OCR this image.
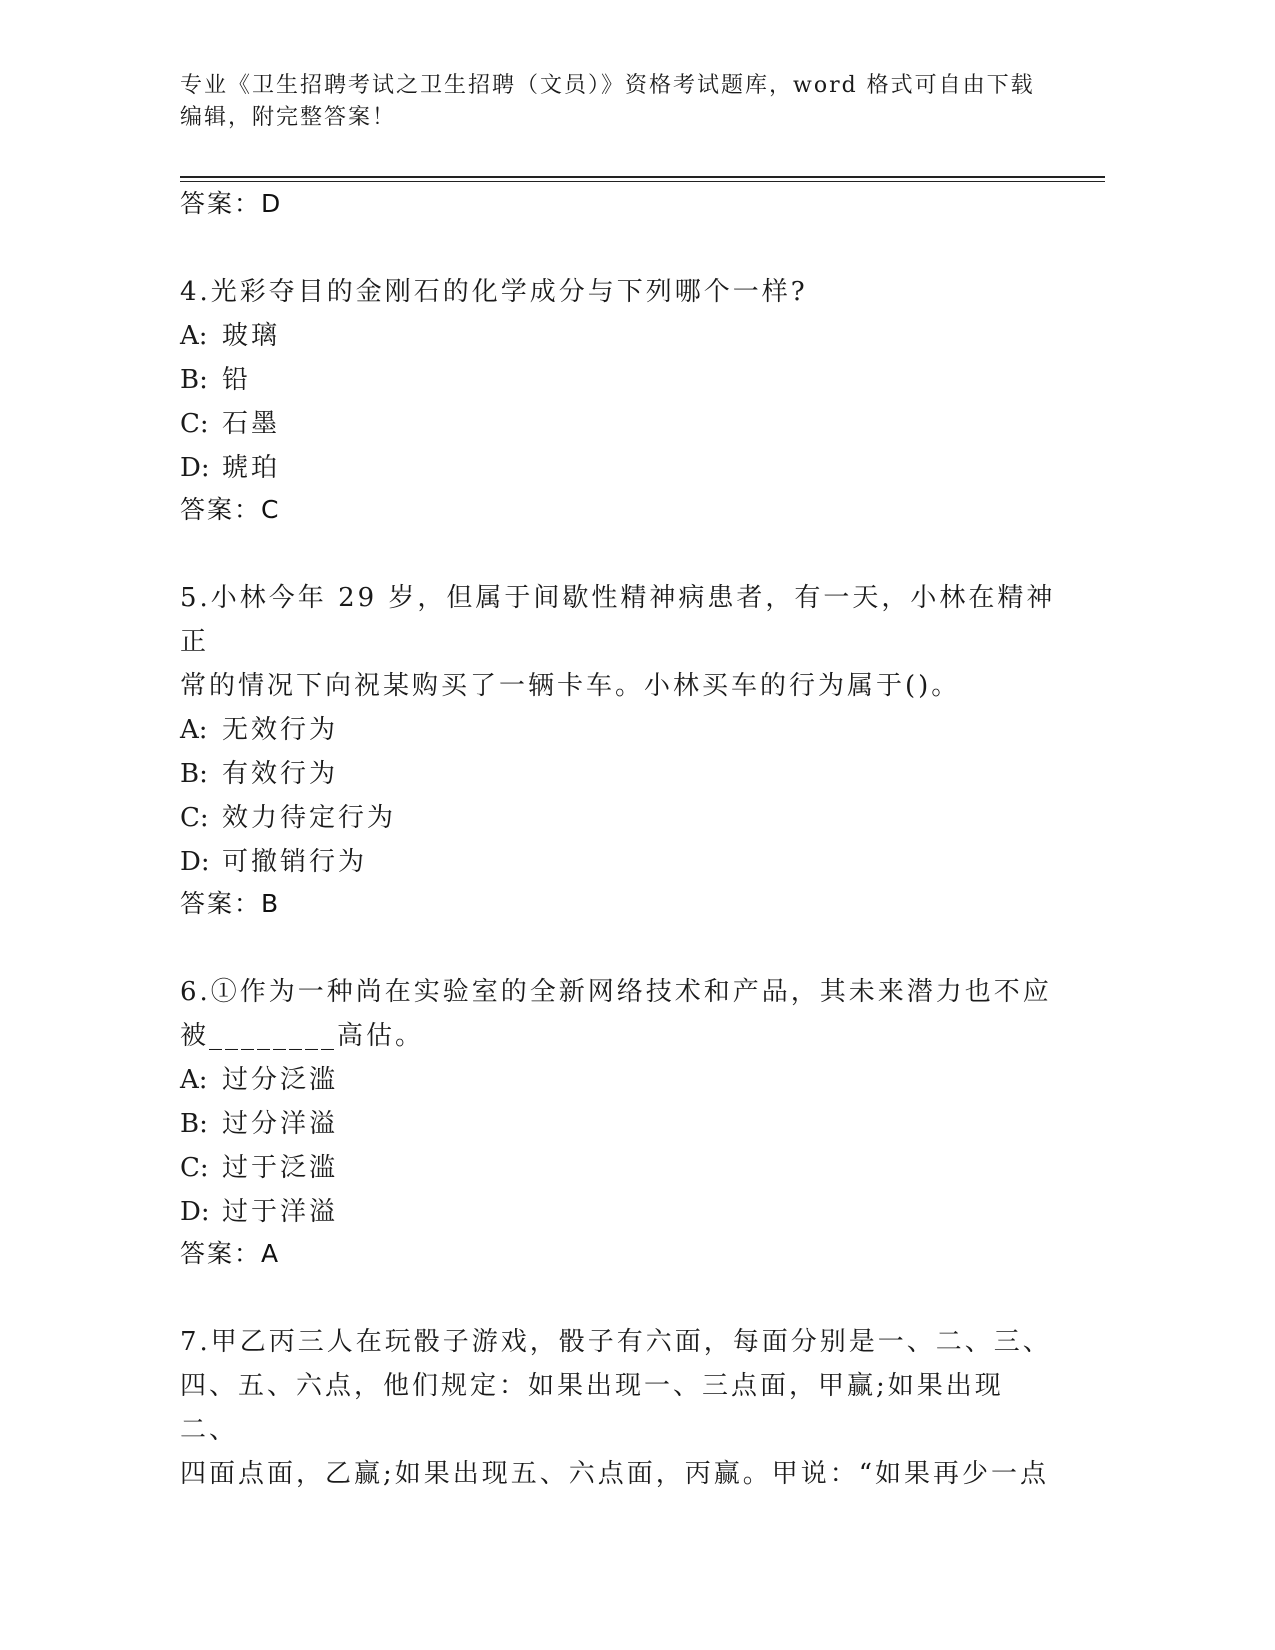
专业《卫生招聘考试之卫生招聘（文员）》资格考试题库，word 格式可自由下载
编辑，附完整答案！
答案：D
4.光彩夺目的金刚石的化学成分与下列哪个一样?
A: 玻璃
B: 铅
C: 石墨
D: 琥珀
答案：C
5.小林今年 29 岁，但属于间歇性精神病患者，有一天，小林在精神正
常的情况下向祝某购买了一辆卡车。小林买车的行为属于()。
A: 无效行为
B: 有效行为
C: 效力待定行为
D: 可撤销行为
答案：B
6.①作为一种尚在实验室的全新网络技术和产品，其未来潜力也不应
被________高估。
A: 过分泛滥
B: 过分洋溢
C: 过于泛滥
D: 过于洋溢
答案：A
7.甲乙丙三人在玩骰子游戏，骰子有六面，每面分别是一、二、三、
四、五、六点，他们规定：如果出现一、三点面，甲赢;如果出现二、
四面点面，乙赢;如果出现五、六点面，丙赢。甲说：“如果再少一点
